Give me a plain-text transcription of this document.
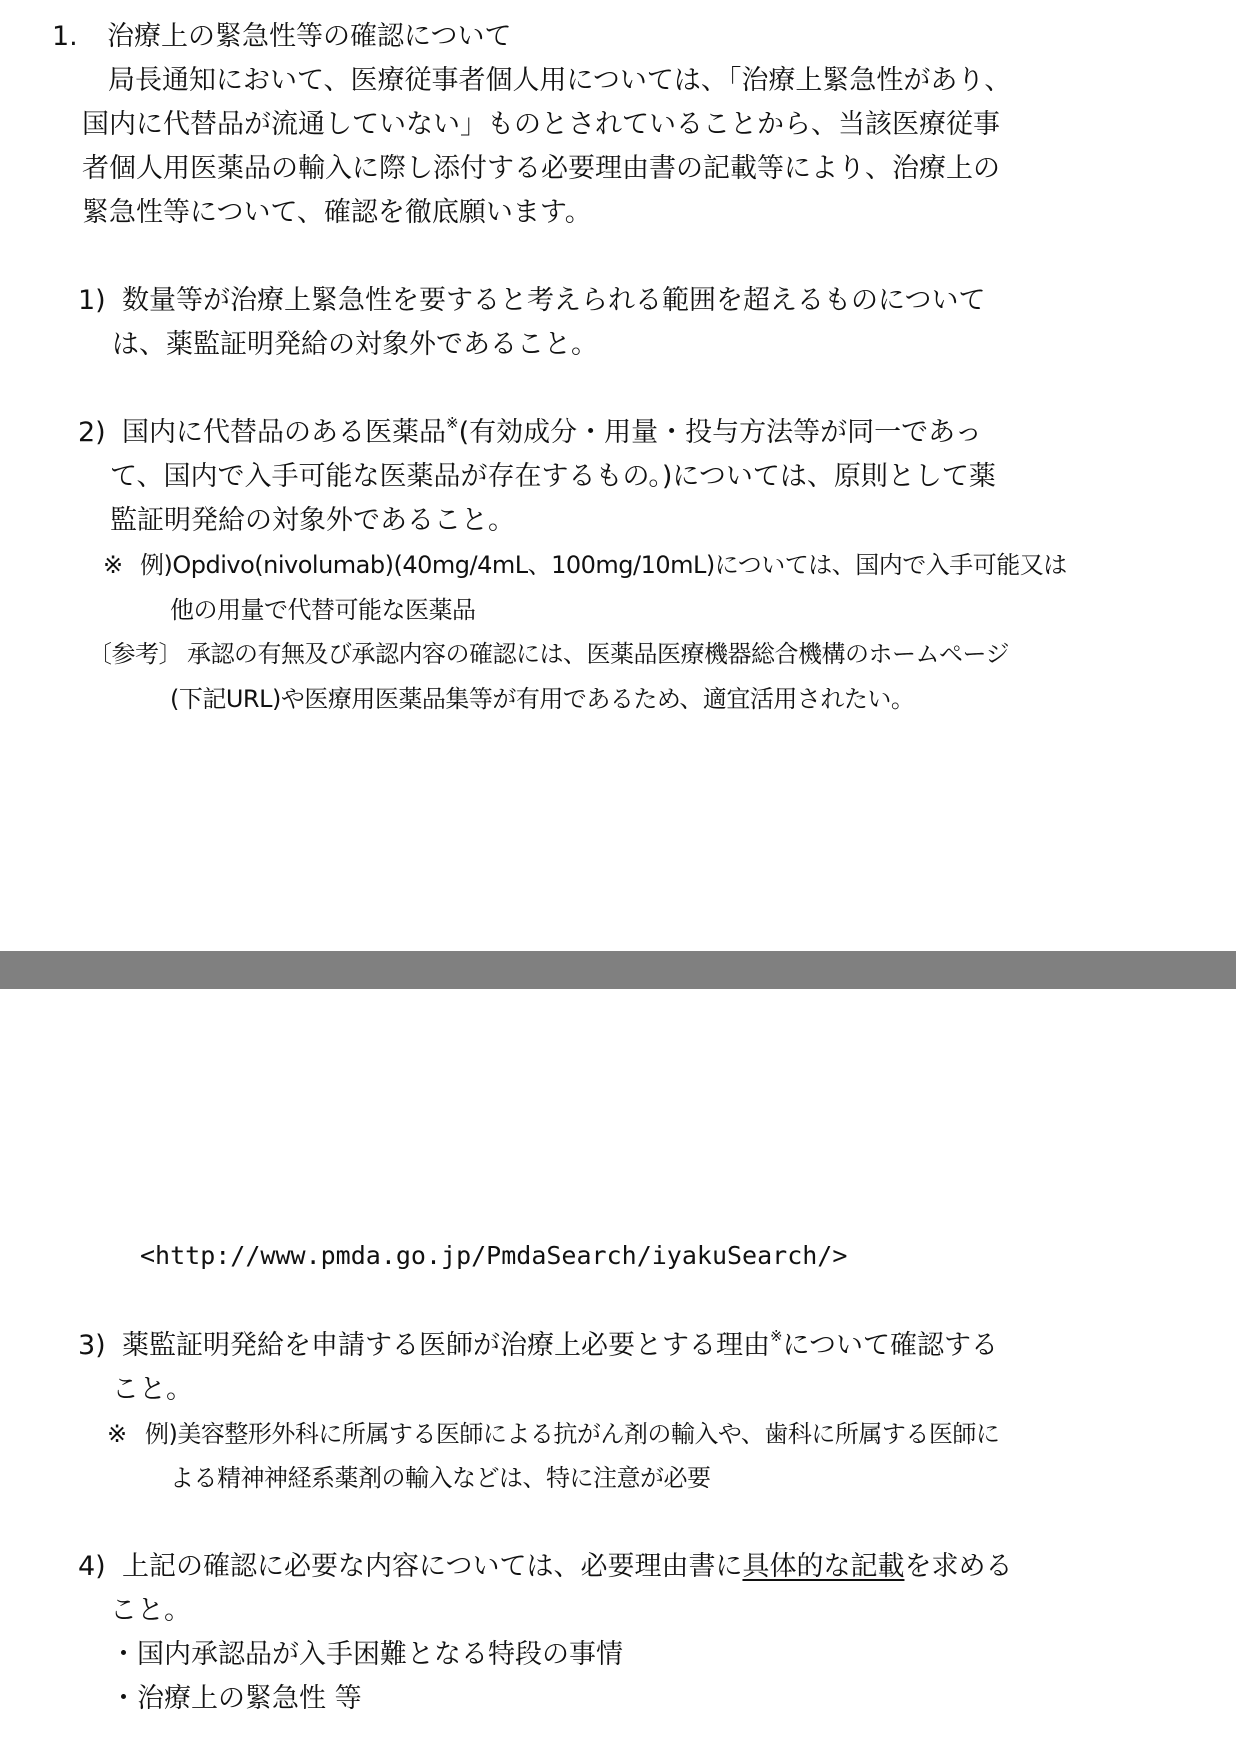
1. 治療上の緊急性等の確認について
局長通知において、医療従事者個人用については、「治療上緊急性があり、
国内に代替品が流通していない」ものとされていることから、当該医療従事
者個人用医薬品の輸入に際し添付する必要理由書の記載等により、治療上の
緊急性等について、確認を徹底願います。
1) 数量等が治療上緊急性を要すると考えられる範囲を超えるものについて
は、薬監証明発給の対象外であること。
2) 国内に代替品のある医薬品※(有効成分・用量・投与方法等が同一であっ
て、国内で入手可能な医薬品が存在するもの。)については、原則として薬
監証明発給の対象外であること。
※ 例)Opdivo(nivolumab)(40mg/4mL、100mg/10mL)については、国内で入手可能又は
他の用量で代替可能な医薬品
〔参考〕 承認の有無及び承認内容の確認には、医薬品医療機器総合機構のホームページ
(下記URL)や医療用医薬品集等が有用であるため、適宜活用されたい。
<http://www.pmda.go.jp/PmdaSearch/iyakuSearch/>
3) 薬監証明発給を申請する医師が治療上必要とする理由※について確認する
こと。
※ 例)美容整形外科に所属する医師による抗がん剤の輸入や、歯科に所属する医師に
よる精神神経系薬剤の輸入などは、特に注意が必要
4) 上記の確認に必要な内容については、必要理由書に具体的な記載を求める
こと。
・国内承認品が入手困難となる特段の事情
・治療上の緊急性 等
